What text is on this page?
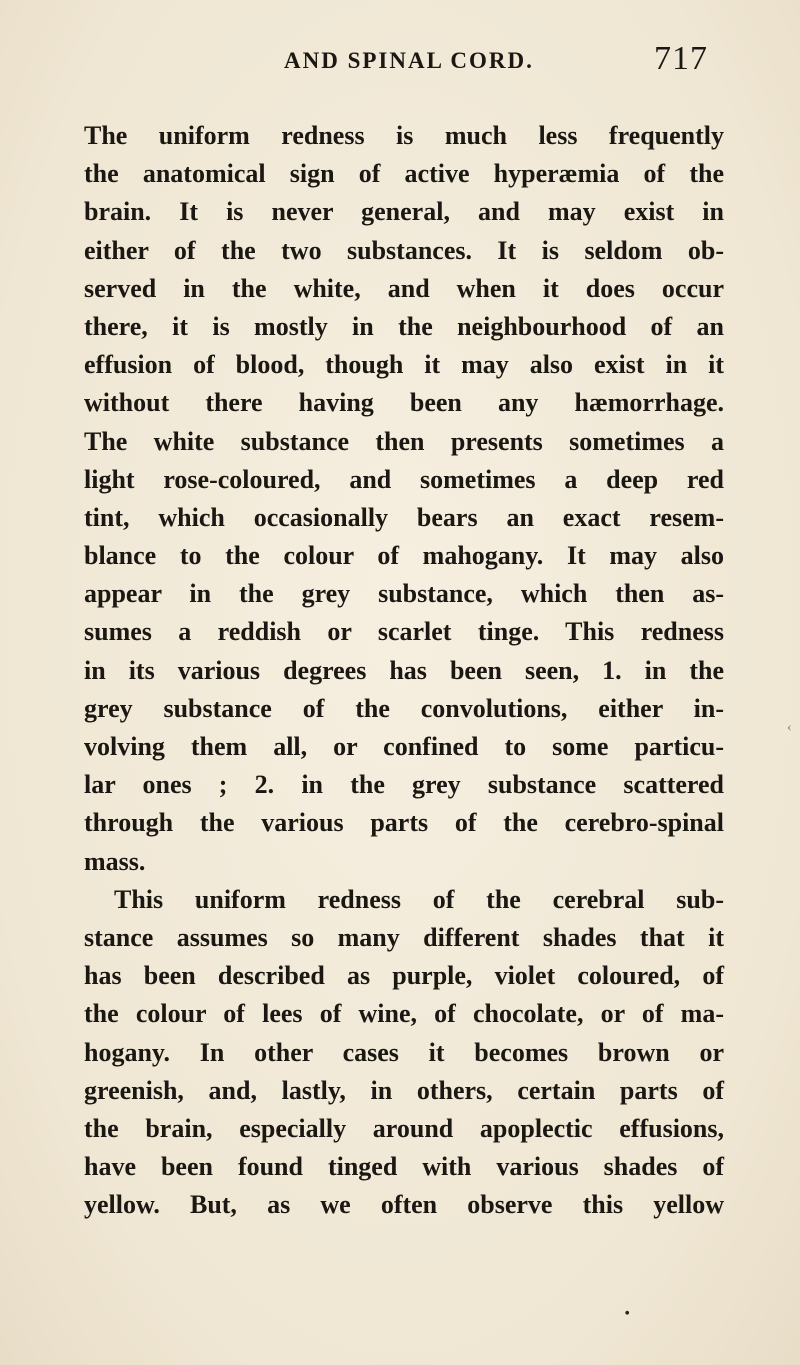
AND SPINAL CORD.	717
The uniform redness is much less frequently
the anatomical sign of active hyperæmia of the
brain. It is never general, and may exist in
either of the two substances. It is seldom ob-
served in the white, and when it does occur
there, it is mostly in the neighbourhood of an
effusion of blood, though it may also exist in it
without there having been any hæmorrhage.
The white substance then presents sometimes a
light rose-coloured, and sometimes a deep red
tint, which occasionally bears an exact resem-
blance to the colour of mahogany. It may also
appear in the grey substance, which then as-
sumes a reddish or scarlet tinge. This redness
in its various degrees has been seen, 1. in the
grey substance of the convolutions, either in-
volving them all, or confined to some particu-
lar ones ; 2. in the grey substance scattered
through the various parts of the cerebro-spinal
mass.
This uniform redness of the cerebral sub-
stance assumes so many different shades that it
has been described as purple, violet coloured, of
the colour of lees of wine, of chocolate, or of ma-
hogany. In other cases it becomes brown or
greenish, and, lastly, in others, certain parts of
the brain, especially around apoplectic effusions,
have been found tinged with various shades of
yellow. But, as we often observe this yellow
•
‹
